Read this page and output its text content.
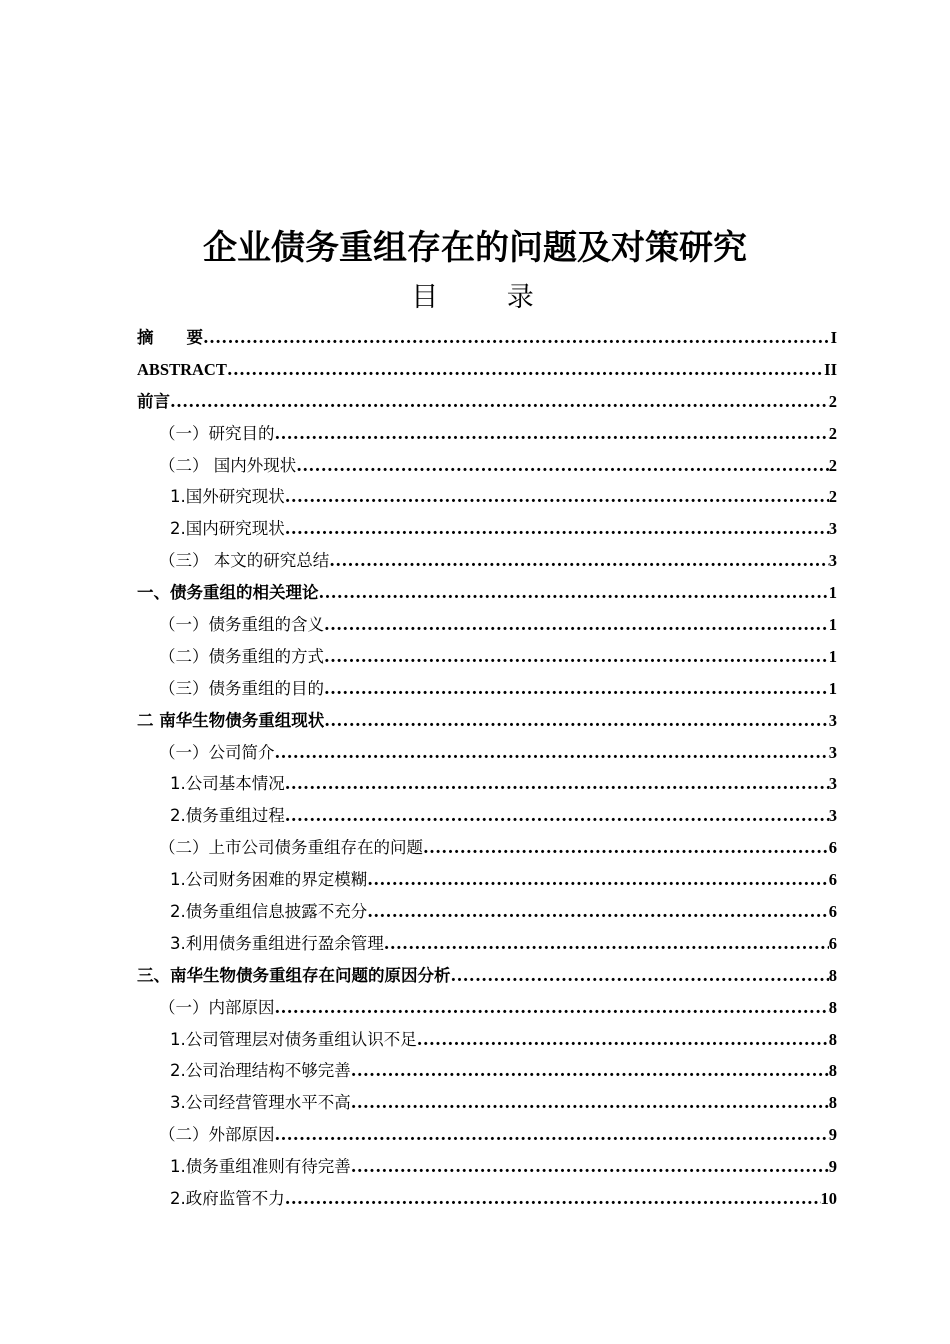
企业债务重组存在的问题及对策研究
目 录
摘　　要 .....	I
ABSTRACT .....	II
前言 .....	2
（一）研究目的 .....	2
（二） 国内外现状 .....	2
1.国外研究现状 .....	2
2.国内研究现状 .....	3
（三） 本文的研究总结 .....	3
一、债务重组的相关理论 .....	1
（一）债务重组的含义 .....	1
（二）债务重组的方式 .....	1
（三）债务重组的目的 .....	1
二 南华生物债务重组现状 .....	3
（一）公司简介 .....	3
1.公司基本情况 .....	3
2.债务重组过程 .....	3
（二）上市公司债务重组存在的问题 .....	6
1.公司财务困难的界定模糊 .....	6
2.债务重组信息披露不充分 .....	6
3.利用债务重组进行盈余管理 .....	6
三、南华生物债务重组存在问题的原因分析 .....	8
（一）内部原因 .....	8
1.公司管理层对债务重组认识不足 .....	8
2.公司治理结构不够完善 .....	8
3.公司经营管理水平不高 .....	8
（二）外部原因 .....	9
1.债务重组准则有待完善 .....	9
2.政府监管不力 .....	10
